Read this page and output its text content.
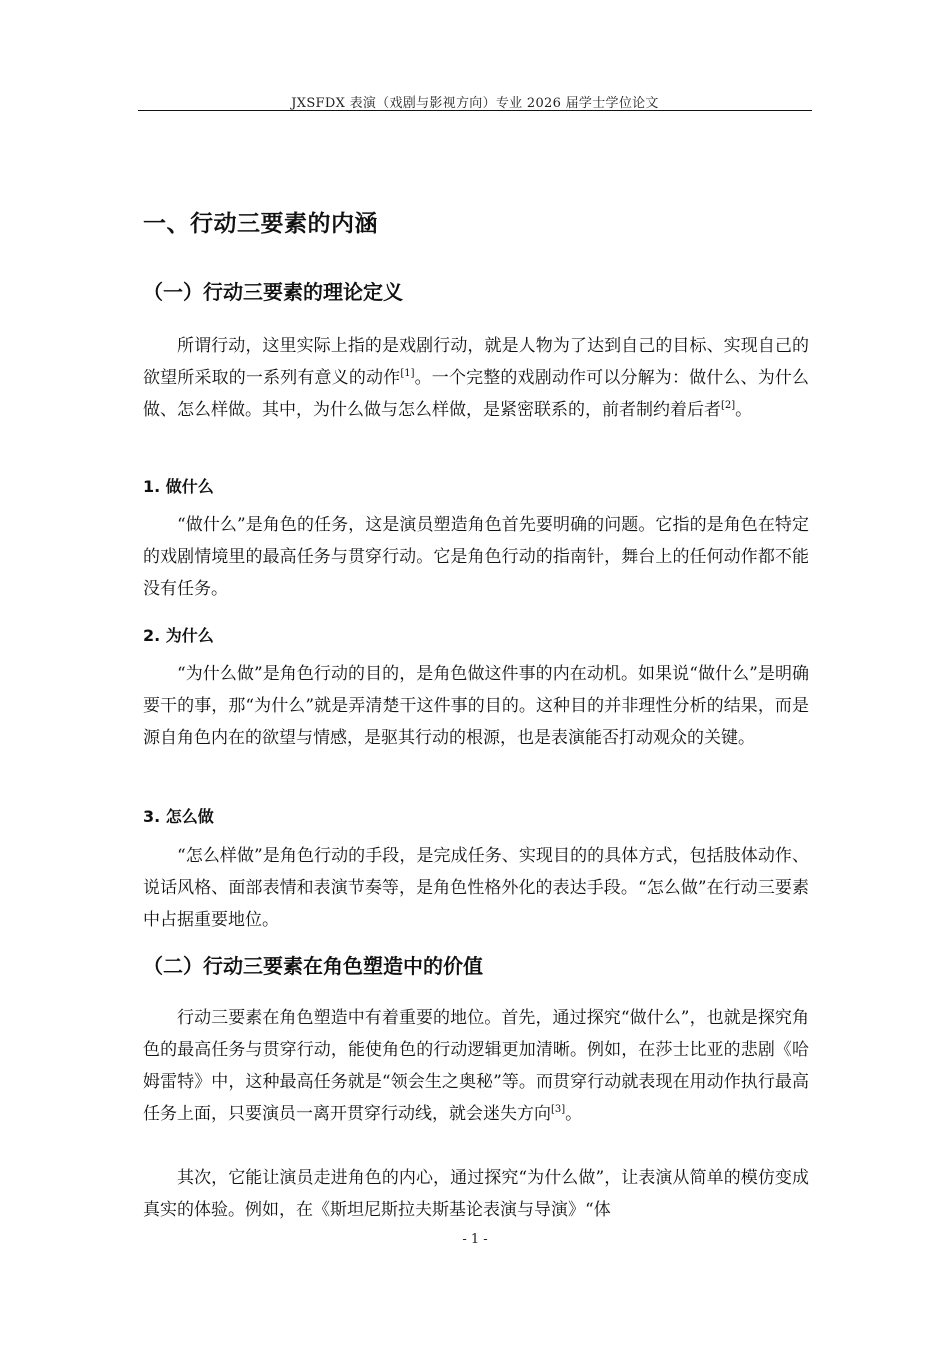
JXSFDX 表演（戏剧与影视方向）专业 2026 届学士学位论文
一、行动三要素的内涵
（一）行动三要素的理论定义

所谓行动，这里实际上指的是戏剧行动，就是人物为了达到自己的目标、实现自己的欲望所采取的一系列有意义的动作[1]。一个完整的戏剧动作可以分解为：做什么、为什么做、怎么样做。其中，为什么做与怎么样做，是紧密联系的，前者制约着后者[2]。

1. 做什么

“做什么”是角色的任务，这是演员塑造角色首先要明确的问题。它指的是角色在特定的戏剧情境里的最高任务与贯穿行动。它是角色行动的指南针，舞台上的任何动作都不能没有任务。

2. 为什么

“为什么做”是角色行动的目的，是角色做这件事的内在动机。如果说“做什么”是明确要干的事，那“为什么”就是弄清楚干这件事的目的。这种目的并非理性分析的结果，而是源自角色内在的欲望与情感，是驱其行动的根源，也是表演能否打动观众的关键。

3. 怎么做

“怎么样做”是角色行动的手段，是完成任务、实现目的的具体方式，包括肢体动作、说话风格、面部表情和表演节奏等，是角色性格外化的表达手段。“怎么做”在行动三要素中占据重要地位。

（二）行动三要素在角色塑造中的价值

行动三要素在角色塑造中有着重要的地位。首先，通过探究“做什么”，也就是探究角色的最高任务与贯穿行动，能使角色的行动逻辑更加清晰。例如，在莎士比亚的悲剧《哈姆雷特》中，这种最高任务就是“领会生之奥秘”等。而贯穿行动就表现在用动作执行最高任务上面，只要演员一离开贯穿行动线，就会迷失方向[3]。

其次，它能让演员走进角色的内心，通过探究“为什么做”，让表演从简单的模仿变成真实的体验。例如，在《斯坦尼斯拉夫斯基论表演与导演》“体

- 1 -
